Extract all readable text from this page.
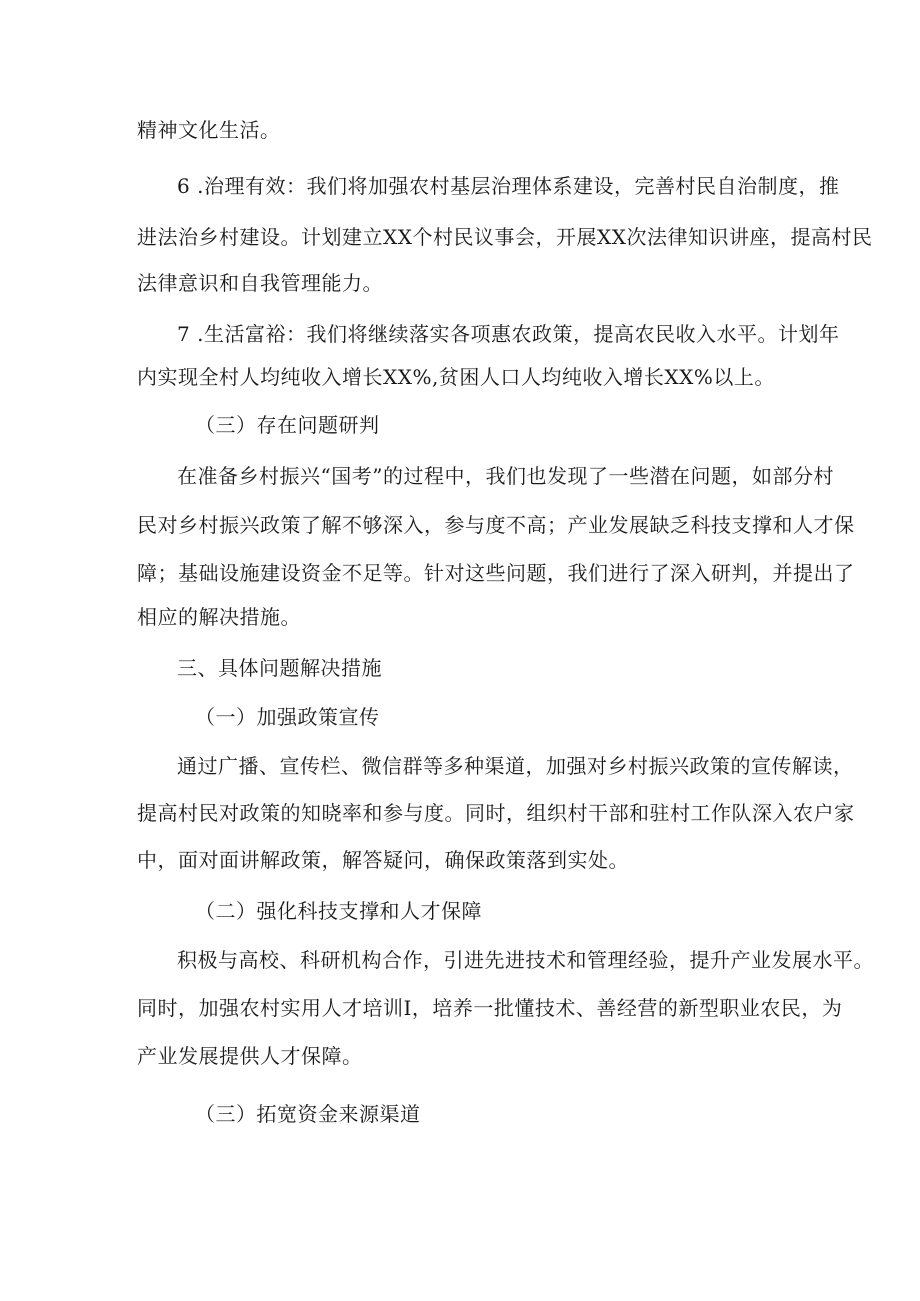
精神文化生活。
6 .治理有效：我们将加强农村基层治理体系建设，完善村民自治制度，推
进法治乡村建设。计划建立XX个村民议事会，开展XX次法律知识讲座，提高村民
法律意识和自我管理能力。
7 .生活富裕：我们将继续落实各项惠农政策，提高农民收入水平。计划年
内实现全村人均纯收入增长XX%,贫困人口人均纯收入增长XX%以上。
（三）存在问题研判
在准备乡村振兴“国考”的过程中，我们也发现了一些潜在问题，如部分村
民对乡村振兴政策了解不够深入，参与度不高；产业发展缺乏科技支撑和人才保
障；基础设施建设资金不足等。针对这些问题，我们进行了深入研判，并提出了
相应的解决措施。
三、具体问题解决措施
（一）加强政策宣传
通过广播、宣传栏、微信群等多种渠道，加强对乡村振兴政策的宣传解读，
提高村民对政策的知晓率和参与度。同时，组织村干部和驻村工作队深入农户家
中，面对面讲解政策，解答疑问，确保政策落到实处。
（二）强化科技支撑和人才保障
积极与高校、科研机构合作，引进先进技术和管理经验，提升产业发展水平。
同时，加强农村实用人才培训I，培养一批懂技术、善经营的新型职业农民，为
产业发展提供人才保障。
（三）拓宽资金来源渠道
